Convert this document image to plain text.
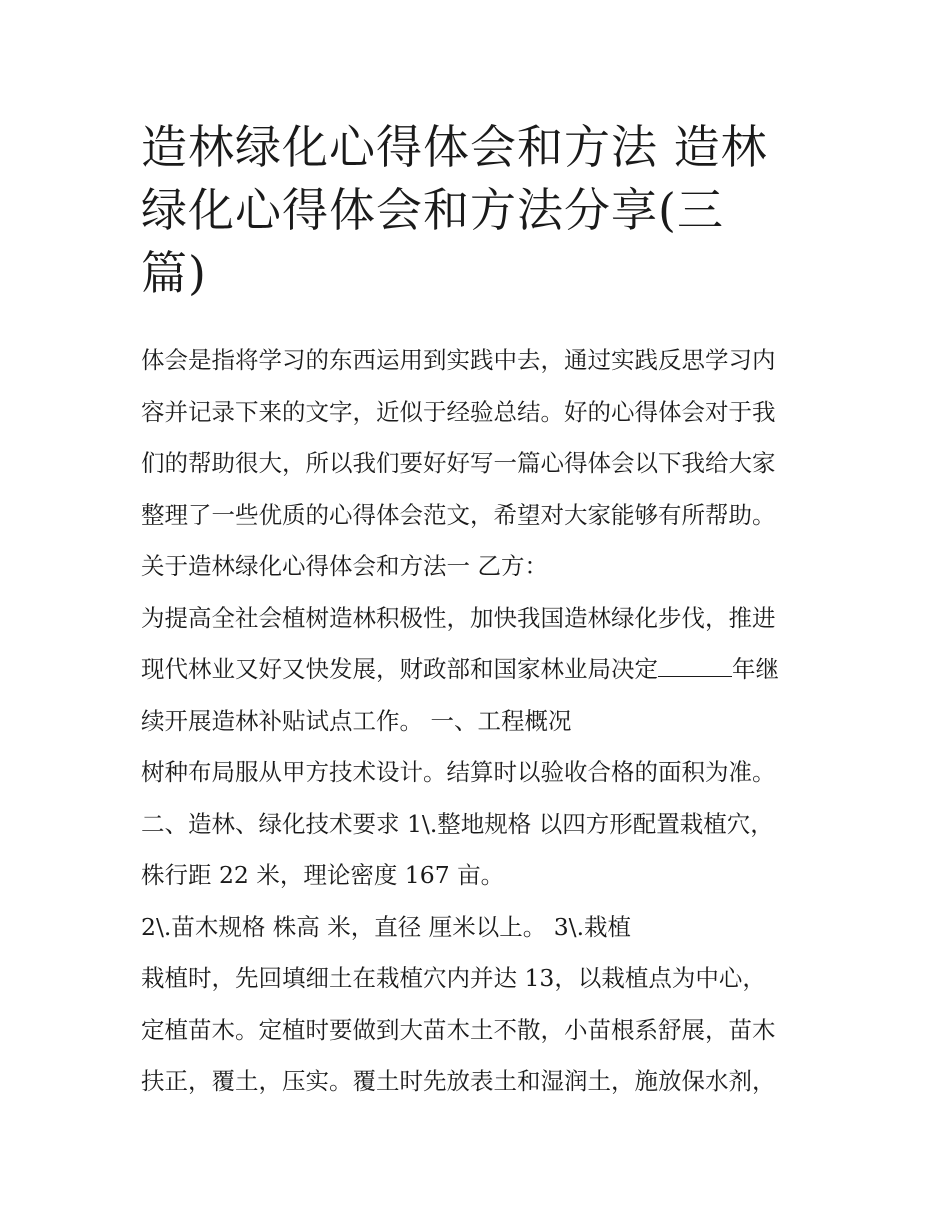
造林绿化心得体会和方法 造林
绿化心得体会和方法分享(三
篇)
体会是指将学习的东西运用到实践中去，通过实践反思学习内
容并记录下来的文字，近似于经验总结。好的心得体会对于我
们的帮助很大，所以我们要好好写一篇心得体会以下我给大家
整理了一些优质的心得体会范文，希望对大家能够有所帮助。
关于造林绿化心得体会和方法一 乙方：
为提高全社会植树造林积极性，加快我国造林绿化步伐，推进
现代林业又好又快发展，财政部和国家林业局决定	年继
续开展造林补贴试点工作。 一、工程概况
树种布局服从甲方技术设计。结算时以验收合格的面积为准。
二、造林、绿化技术要求 1\.整地规格 以四方形配置栽植穴，
株行距 22 米，理论密度 167 亩。
2\.苗木规格 株高 米，直径 厘米以上。 3\.栽植
栽植时，先回填细土在栽植穴内并达 13，以栽植点为中心，
定植苗木。定植时要做到大苗木土不散，小苗根系舒展，苗木
扶正，覆土，压实。覆土时先放表土和湿润土，施放保水剂，
